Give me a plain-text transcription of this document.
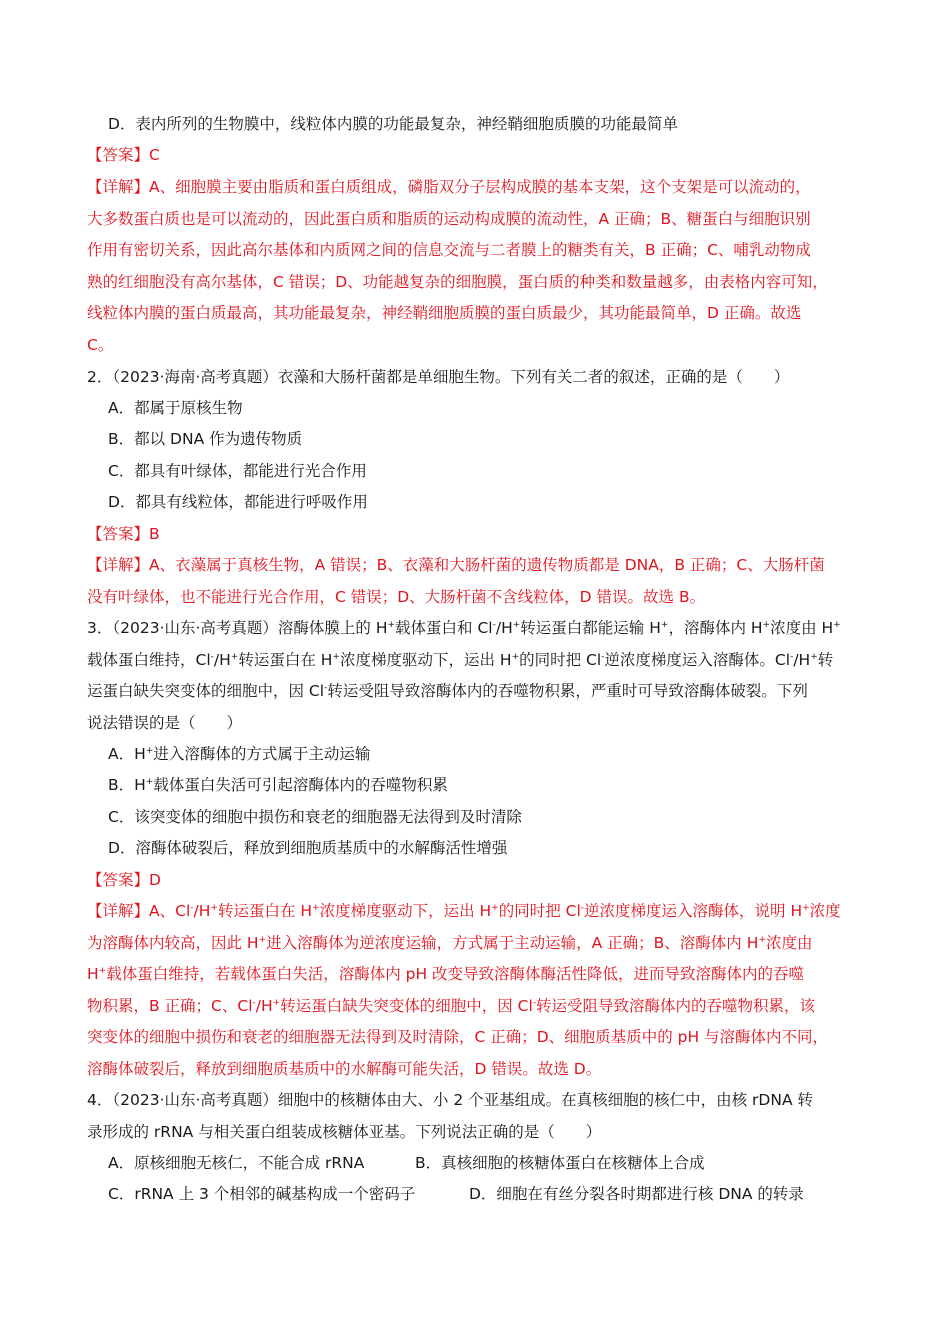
D．表内所列的生物膜中，线粒体内膜的功能最复杂，神经鞘细胞质膜的功能最简单
【答案】C
【详解】A、细胞膜主要由脂质和蛋白质组成，磷脂双分子层构成膜的基本支架，这个支架是可以流动的，
大多数蛋白质也是可以流动的，因此蛋白质和脂质的运动构成膜的流动性，A 正确；B、糖蛋白与细胞识别
作用有密切关系，因此高尔基体和内质网之间的信息交流与二者膜上的糖类有关，B 正确；C、哺乳动物成
熟的红细胞没有高尔基体，C 错误；D、功能越复杂的细胞膜，蛋白质的种类和数量越多，由表格内容可知，
线粒体内膜的蛋白质最高，其功能最复杂，神经鞘细胞质膜的蛋白质最少，其功能最简单，D 正确。故选
C。
2．（2023·海南·高考真题）衣藻和大肠杆菌都是单细胞生物。下列有关二者的叙述，正确的是（　　）
A．都属于原核生物
B．都以 DNA 作为遗传物质
C．都具有叶绿体，都能进行光合作用
D．都具有线粒体，都能进行呼吸作用
【答案】B
【详解】A、衣藻属于真核生物，A 错误；B、衣藻和大肠杆菌的遗传物质都是 DNA，B 正确；C、大肠杆菌
没有叶绿体，也不能进行光合作用，C 错误；D、大肠杆菌不含线粒体，D 错误。故选 B。
3．（2023·山东·高考真题）溶酶体膜上的 H+载体蛋白和 Cl-/H+转运蛋白都能运输 H+，溶酶体内 H+浓度由 H+
载体蛋白维持，Cl-/H+转运蛋白在 H+浓度梯度驱动下，运出 H+的同时把 Cl-逆浓度梯度运入溶酶体。Cl-/H+转
运蛋白缺失突变体的细胞中，因 Cl-转运受阻导致溶酶体内的吞噬物积累，严重时可导致溶酶体破裂。下列
说法错误的是（　　）
A．H+进入溶酶体的方式属于主动运输
B．H+载体蛋白失活可引起溶酶体内的吞噬物积累
C．该突变体的细胞中损伤和衰老的细胞器无法得到及时清除
D．溶酶体破裂后，释放到细胞质基质中的水解酶活性增强
【答案】D
【详解】A、Cl-/H+转运蛋白在 H+浓度梯度驱动下，运出 H+的同时把 Cl-逆浓度梯度运入溶酶体，说明 H+浓度
为溶酶体内较高，因此 H+进入溶酶体为逆浓度运输，方式属于主动运输，A 正确；B、溶酶体内 H+浓度由
H+载体蛋白维持，若载体蛋白失活，溶酶体内 pH 改变导致溶酶体酶活性降低，进而导致溶酶体内的吞噬
物积累，B 正确；C、Cl-/H+转运蛋白缺失突变体的细胞中，因 Cl-转运受阻导致溶酶体内的吞噬物积累，该
突变体的细胞中损伤和衰老的细胞器无法得到及时清除，C 正确；D、细胞质基质中的 pH 与溶酶体内不同，
溶酶体破裂后，释放到细胞质基质中的水解酶可能失活，D 错误。故选 D。
4．（2023·山东·高考真题）细胞中的核糖体由大、小 2 个亚基组成。在真核细胞的核仁中，由核 rDNA 转
录形成的 rRNA 与相关蛋白组装成核糖体亚基。下列说法正确的是（　　）
A．原核细胞无核仁，不能合成 rRNA	B．真核细胞的核糖体蛋白在核糖体上合成
C．rRNA 上 3 个相邻的碱基构成一个密码子	D．细胞在有丝分裂各时期都进行核 DNA 的转录
